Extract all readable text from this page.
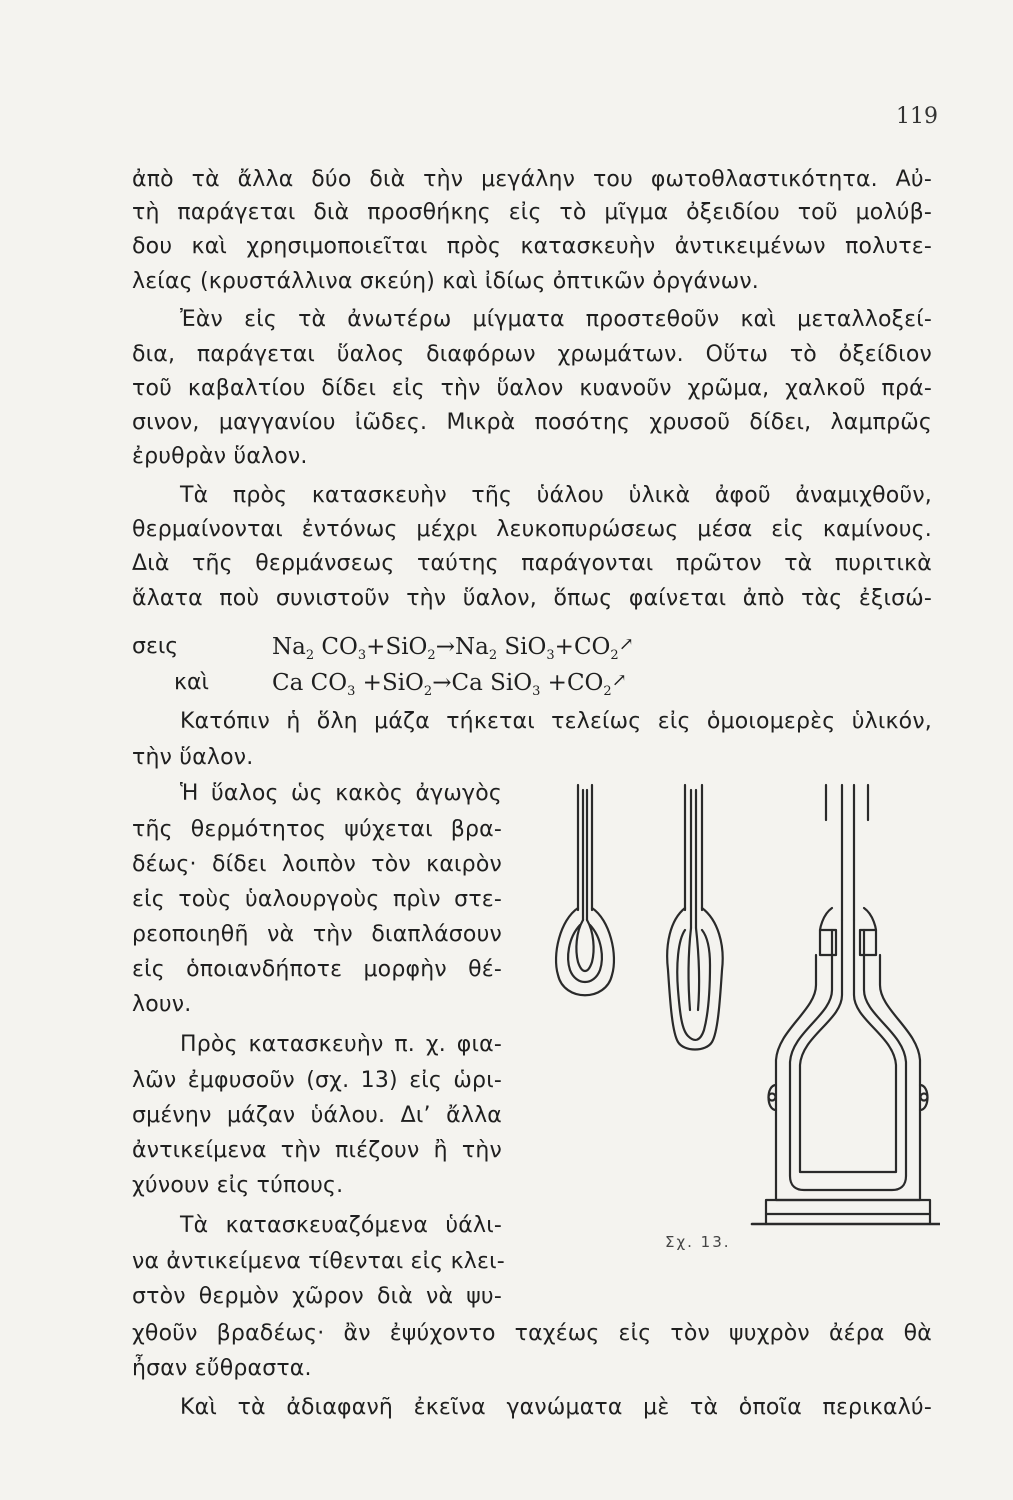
119
ἀπὸ τὰ ἄλλα δύο διὰ τὴν μεγάλην του φωτοθλαστικότητα. Αὐ-
τὴ παράγεται διὰ προσθήκης εἰς τὸ μῖγμα ὀξειδίου τοῦ μολύβ-
δου καὶ χρησιμοποιεῖται πρὸς κατασκευὴν ἀντικειμένων πολυτε-
λείας (κρυστάλλινα σκεύη) καὶ ἰδίως ὀπτικῶν ὀργάνων.
Ἐὰν εἰς τὰ ἀνωτέρω μίγματα προστεθοῦν καὶ μεταλλοξεί-
δια, παράγεται ὕαλος διαφόρων χρωμάτων. Οὕτω τὸ ὀξείδιον
τοῦ καβαλτίου δίδει εἰς τὴν ὕαλον κυανοῦν χρῶμα, χαλκοῦ πρά-
σινον, μαγγανίου ἰῶδες. Μικρὰ ποσότης χρυσοῦ δίδει, λαμπρῶς
ἐρυθρὰν ὕαλον.
Τὰ πρὸς κατασκευὴν τῆς ὑάλου ὑλικὰ ἀφοῦ ἀναμιχθοῦν,
θερμαίνονται ἐντόνως μέχρι λευκοπυρώσεως μέσα εἰς καμίνους.
Διὰ τῆς θερμάνσεως ταύτης παράγονται πρῶτον τὰ πυριτικὰ
ἅλατα ποὺ συνιστοῦν τὴν ὕαλον, ὅπως φαίνεται ἀπὸ τὰς ἐξισώ-
σεις	$Na_2$ $CO_3+SiO_2\to Na_2$ $SiO_3+CO_2↗$
καὶ	Ca $CO_3 +SiO_2\to Ca$ $SiO_3 +CO_2↗$
Κατόπιν ἡ ὅλη μάζα τήκεται τελείως εἰς ὁμοιομερὲς ὑλικόν,
τὴν ὕαλον.
Ἡ ὕαλος ὡς κακὸς ἀγωγὸς
τῆς θερμότητος ψύχεται βρα-
δέως· δίδει λοιπὸν τὸν καιρὸν
εἰς τοὺς ὑαλουργοὺς πρὶν στε-
ρεοποιηθῆ νὰ τὴν διαπλάσουν
εἰς ὁποιανδήποτε μορφὴν θέ-
λουν.
Πρὸς κατασκευὴν π. χ. φια-
λῶν ἐμφυσοῦν (σχ. 13) εἰς ὡρι-
σμένην μάζαν ὑάλου. Δι’ ἄλλα
ἀντικείμενα τὴν πιέζουν ἢ τὴν
χύνουν εἰς τύπους.
Τὰ κατασκευαζόμενα ὑάλι-
να ἀντικείμενα τίθενται εἰς κλει-
στὸν θερμὸν χῶρον διὰ νὰ ψυ-
χθοῦν βραδέως· ἂν ἐψύχοντο ταχέως εἰς τὸν ψυχρὸν ἀέρα θὰ
ἦσαν εὔθραστα.
Καὶ τὰ ἀδιαφανῆ ἐκεῖνα γανώματα μὲ τὰ ὁποῖα περικαλύ-
Σχ. 13.
